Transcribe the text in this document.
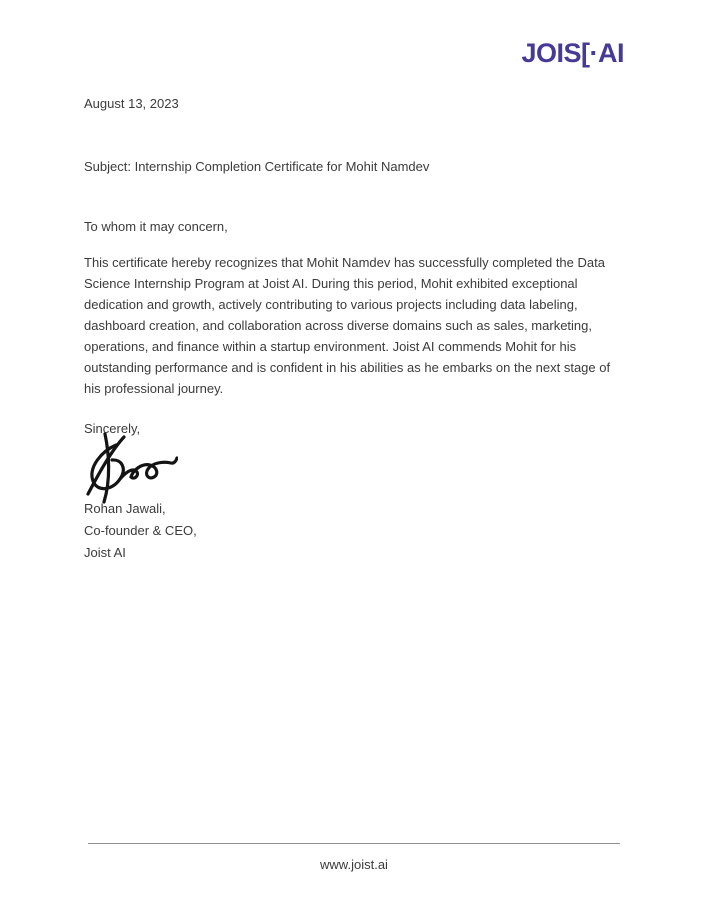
JOIS[·AI
August 13, 2023
Subject: Internship Completion Certificate for Mohit Namdev
To whom it may concern,
This certificate hereby recognizes that Mohit Namdev has successfully completed the Data
Science Internship Program at Joist AI. During this period, Mohit exhibited exceptional
dedication and growth, actively contributing to various projects including data labeling,
dashboard creation, and collaboration across diverse domains such as sales, marketing,
operations, and finance within a startup environment. Joist AI commends Mohit for his
outstanding performance and is confident in his abilities as he embarks on the next stage of
his professional journey.
Sincerely,
Rohan Jawali,
Co-founder & CEO,
Joist AI
www.joist.ai
